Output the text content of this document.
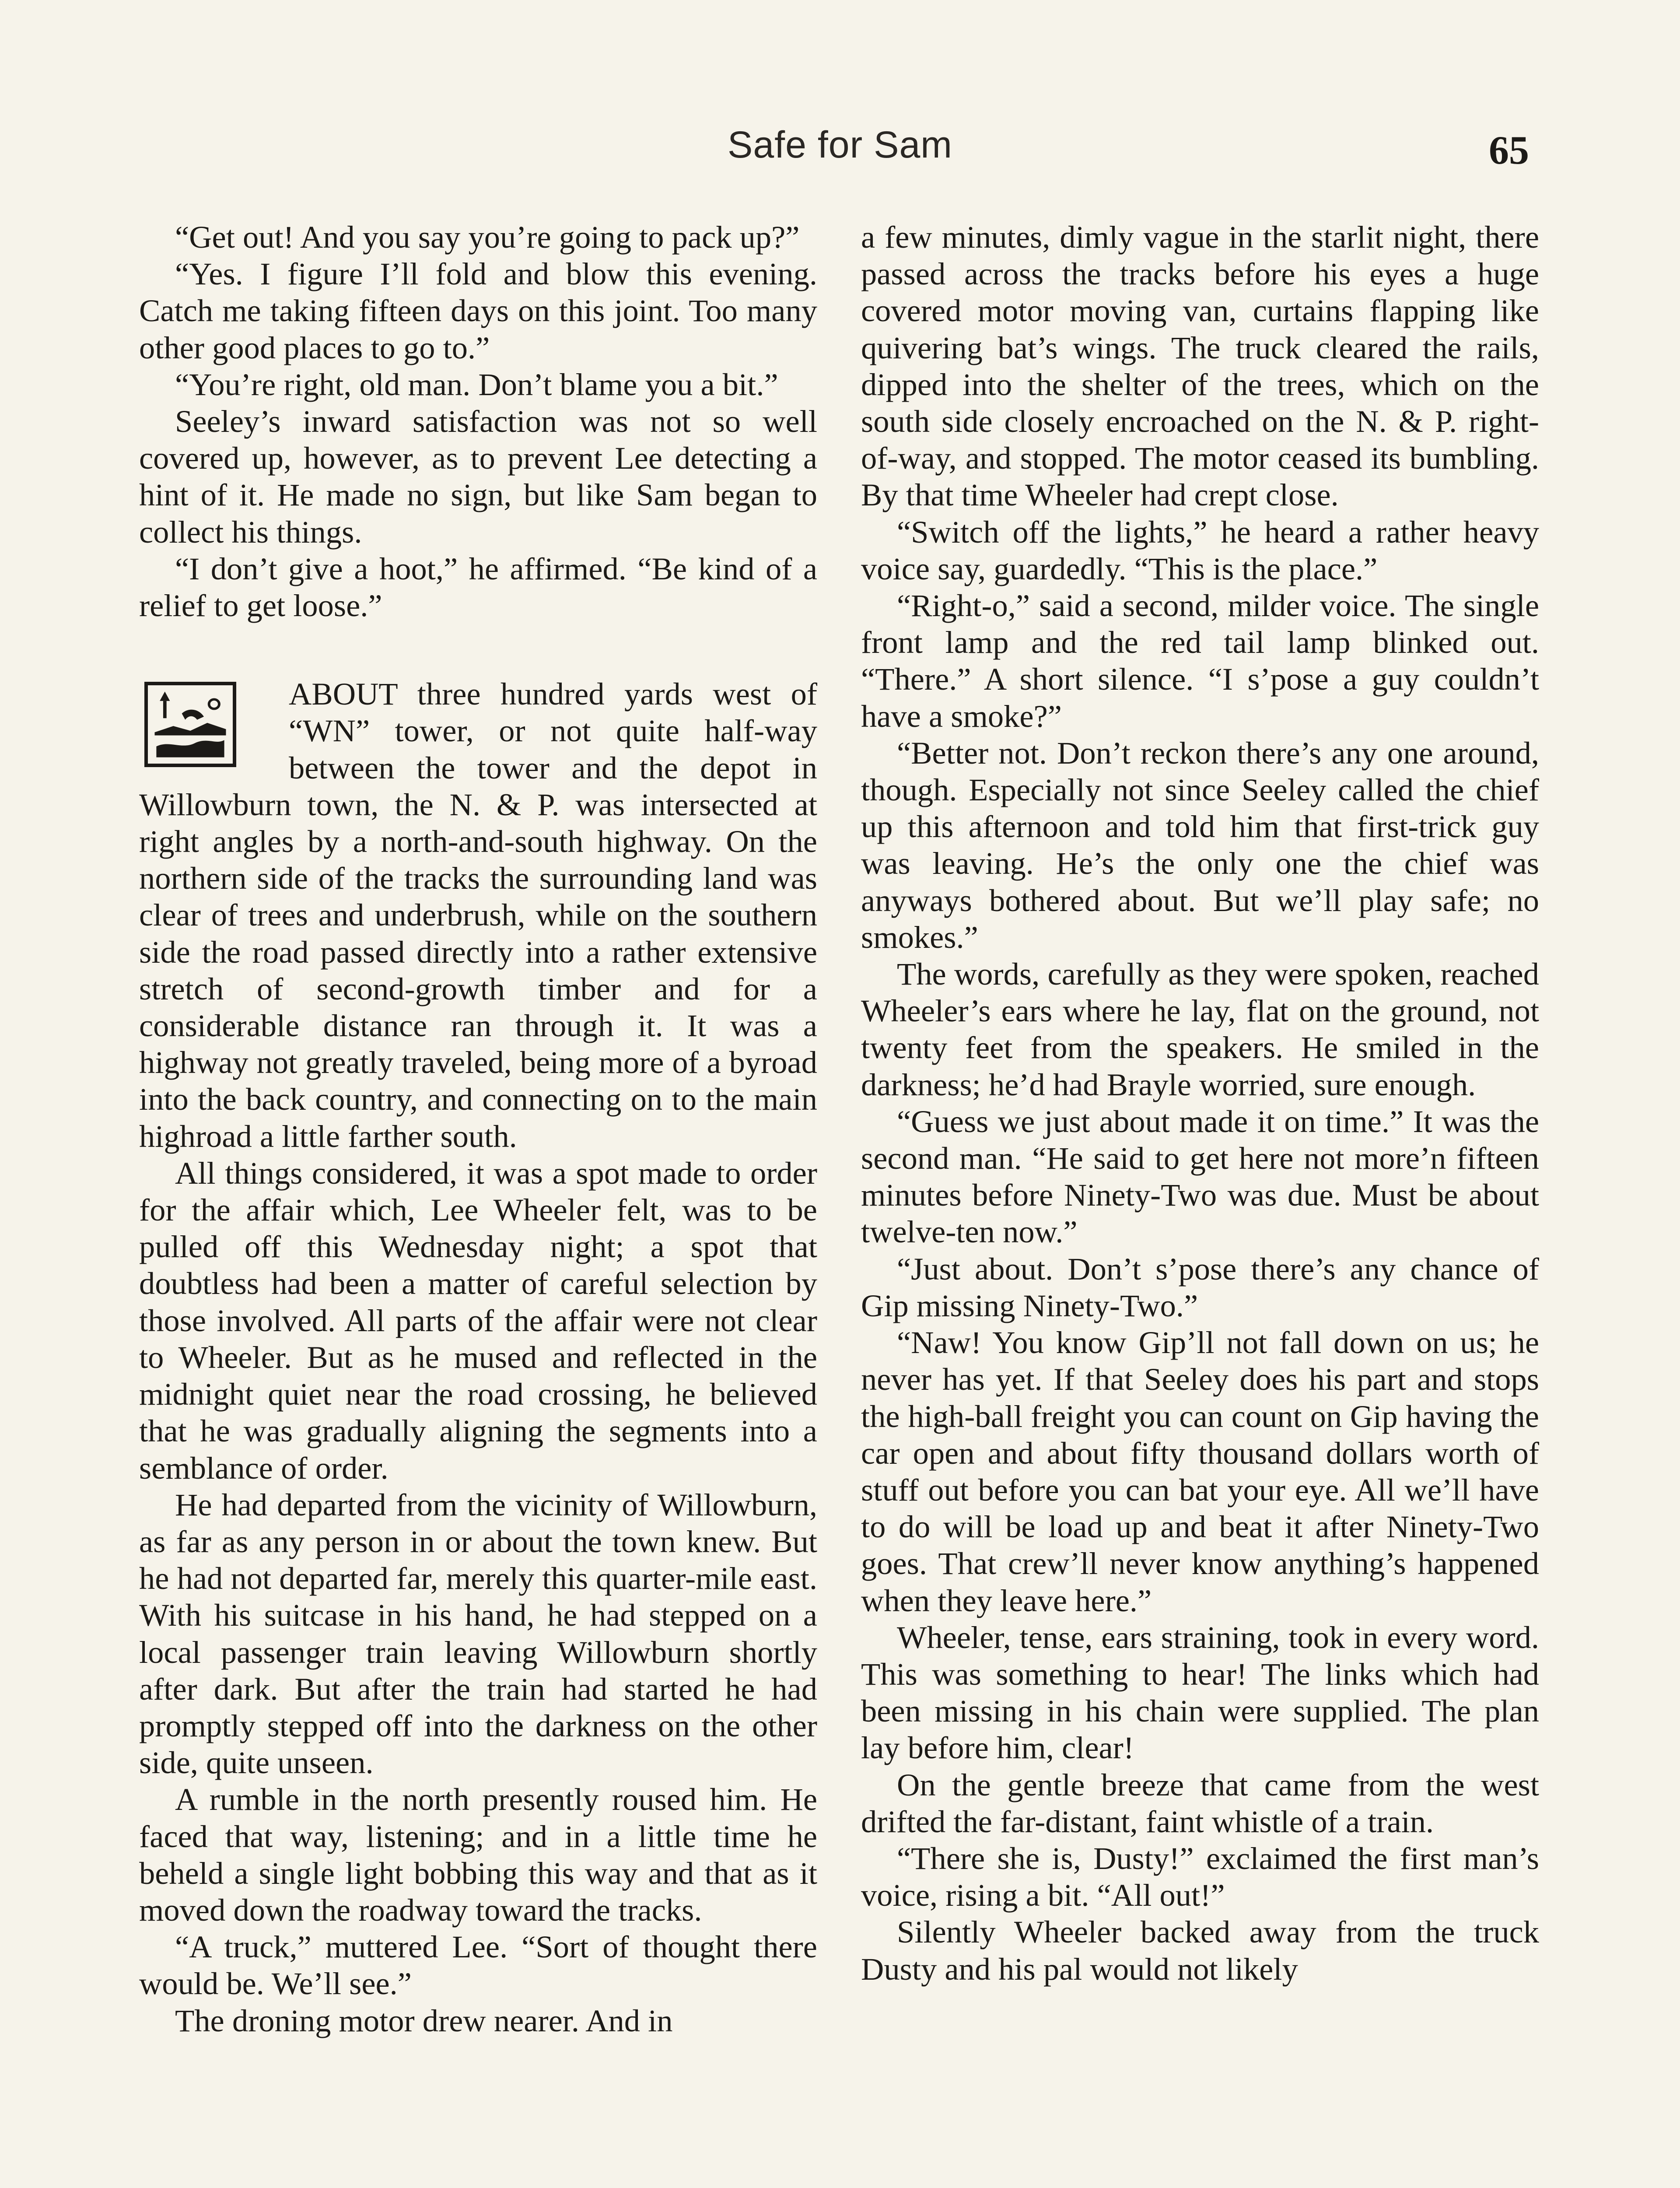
Safe for Sam	65

“Get out! And you say you’re going to pack up?”

“Yes. I figure I’ll fold and blow this evening. Catch me taking fifteen days on this joint. Too many other good places to go to.”

“You’re right, old man. Don’t blame you a bit.”

Seeley’s inward satisfaction was not so well covered up, however, as to prevent Lee detecting a hint of it. He made no sign, but like Sam began to collect his things.

“I don’t give a hoot,” he affirmed. “Be kind of a relief to get loose.”

ABOUT three hundred yards west of “WN” tower, or not quite half-way between the tower and the depot in Willowburn town, the N. & P. was intersected at right angles by a north-and-south highway. On the northern side of the tracks the surrounding land was clear of trees and underbrush, while on the southern side the road passed directly into a rather extensive stretch of second-growth timber and for a considerable distance ran through it. It was a highway not greatly traveled, being more of a byroad into the back country, and connecting on to the main highroad a little farther south.

All things considered, it was a spot made to order for the affair which, Lee Wheeler felt, was to be pulled off this Wednesday night; a spot that doubtless had been a matter of careful selection by those involved. All parts of the affair were not clear to Wheeler. But as he mused and reflected in the midnight quiet near the road crossing, he believed that he was gradually aligning the segments into a semblance of order.

He had departed from the vicinity of Willowburn, as far as any person in or about the town knew. But he had not departed far, merely this quarter-mile east. With his suitcase in his hand, he had stepped on a local passenger train leaving Willowburn shortly after dark. But after the train had started he had promptly stepped off into the darkness on the other side, quite unseen.

A rumble in the north presently roused him. He faced that way, listening; and in a little time he beheld a single light bobbing this way and that as it moved down the roadway toward the tracks.

“A truck,” muttered Lee. “Sort of thought there would be. We’ll see.”

The droning motor drew nearer. And in

a few minutes, dimly vague in the starlit night, there passed across the tracks before his eyes a huge covered motor moving van, curtains flapping like quivering bat’s wings. The truck cleared the rails, dipped into the shelter of the trees, which on the south side closely encroached on the N. & P. right-of-way, and stopped. The motor ceased its bumbling. By that time Wheeler had crept close.

“Switch off the lights,” he heard a rather heavy voice say, guardedly. “This is the place.”

“Right-o,” said a second, milder voice. The single front lamp and the red tail lamp blinked out. “There.” A short silence. “I s’pose a guy couldn’t have a smoke?”

“Better not. Don’t reckon there’s any one around, though. Especially not since Seeley called the chief up this afternoon and told him that first-trick guy was leaving. He’s the only one the chief was anyways bothered about. But we’ll play safe; no smokes.”

The words, carefully as they were spoken, reached Wheeler’s ears where he lay, flat on the ground, not twenty feet from the speakers. He smiled in the darkness; he’d had Brayle worried, sure enough.

“Guess we just about made it on time.” It was the second man. “He said to get here not more’n fifteen minutes before Ninety-Two was due. Must be about twelve-ten now.”

“Just about. Don’t s’pose there’s any chance of Gip missing Ninety-Two.”

“Naw! You know Gip’ll not fall down on us; he never has yet. If that Seeley does his part and stops the high-ball freight you can count on Gip having the car open and about fifty thousand dollars worth of stuff out before you can bat your eye. All we’ll have to do will be load up and beat it after Ninety-Two goes. That crew’ll never know anything’s happened when they leave here.”

Wheeler, tense, ears straining, took in every word. This was something to hear! The links which had been missing in his chain were supplied. The plan lay before him, clear!

On the gentle breeze that came from the west drifted the far-distant, faint whistle of a train.

“There she is, Dusty!” exclaimed the first man’s voice, rising a bit. “All out!”

Silently Wheeler backed away from the truck Dusty and his pal would not likely
